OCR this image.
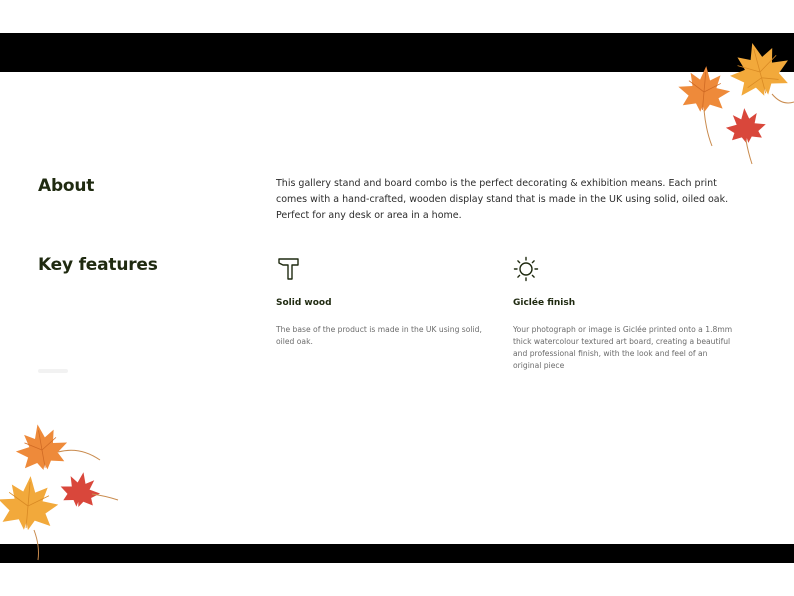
About	This gallery stand and board combo is the perfect decorating & exhibition means. Each print comes with a hand-crafted, wooden display stand that is made in the UK using solid, oiled oak. Perfect for any desk or area in a home.

Key features
Solid wood

The base of the product is made in the UK using solid, oiled oak.

Giclée finish

Your photograph or image is Giclée printed onto a 1.8mm thick watercolour textured art board, creating a beautiful and professional finish, with the look and feel of an original piece
